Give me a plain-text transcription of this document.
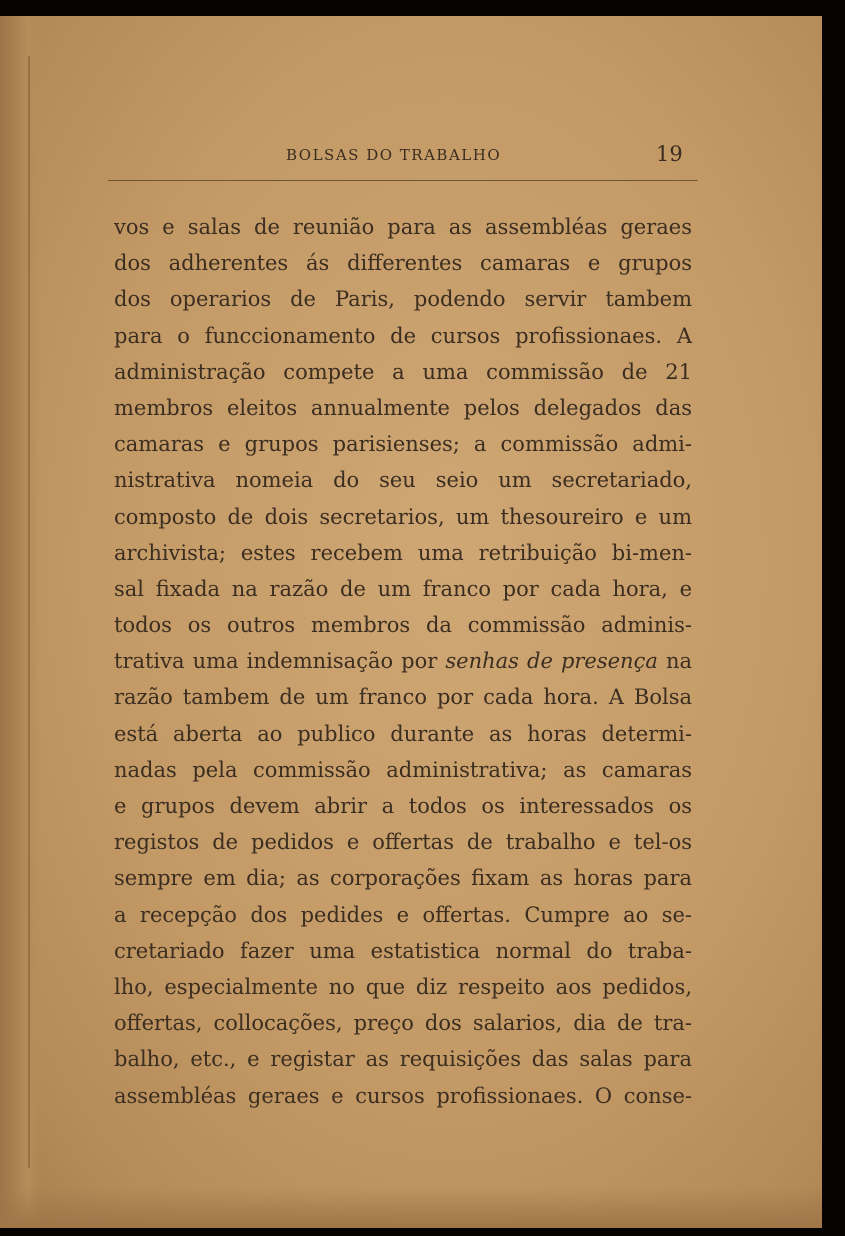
BOLSAS DO TRABALHO	19
vos e salas de reunião para as assembléas geraes
dos adherentes ás differentes camaras e grupos
dos operarios de Paris, podendo servir tambem
para o funccionamento de cursos profissionaes. A
administração compete a uma commissão de 21
membros eleitos annualmente pelos delegados das
camaras e grupos parisienses; a commissão admi-
nistrativa nomeia do seu seio um secretariado,
composto de dois secretarios, um thesoureiro e um
archivista; estes recebem uma retribuição bi-men-
sal fixada na razão de um franco por cada hora, e
todos os outros membros da commissão adminis-
trativa uma indemnisação por senhas de presença na
razão tambem de um franco por cada hora. A Bolsa
está aberta ao publico durante as horas determi-
nadas pela commissão administrativa; as camaras
e grupos devem abrir a todos os interessados os
registos de pedidos e offertas de trabalho e tel-os
sempre em dia; as corporações fixam as horas para
a recepção dos pedides e offertas. Cumpre ao se-
cretariado fazer uma estatistica normal do traba-
lho, especialmente no que diz respeito aos pedidos,
offertas, collocações, preço dos salarios, dia de tra-
balho, etc., e registar as requisições das salas para
assembléas geraes e cursos profissionaes. O conse-
